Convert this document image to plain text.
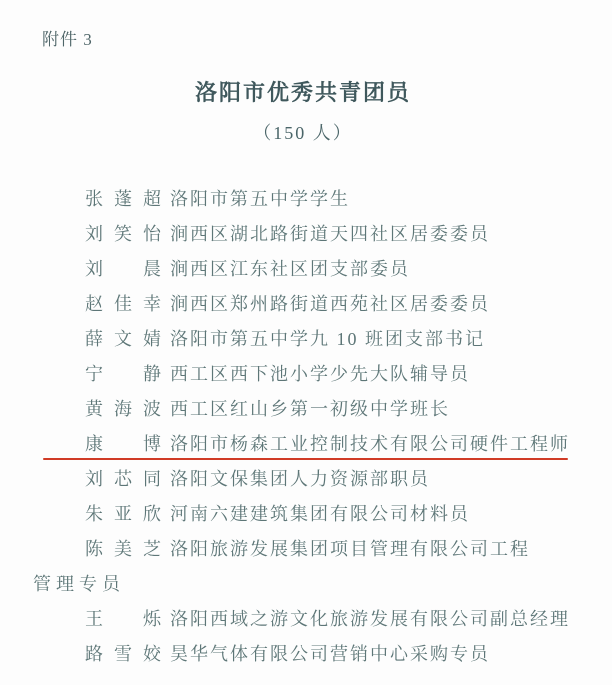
附件 3
洛阳市优秀共青团员
（150 人）
张 蓬 超 洛阳市第五中学学生
刘 笑 怡 涧西区湖北路街道天四社区居委委员
刘 晨 涧西区江东社区团支部委员
赵 佳 幸 涧西区郑州路街道西苑社区居委委员
薛 文 婧 洛阳市第五中学九 10 班团支部书记
宁 静 西工区西下池小学少先大队辅导员
黄 海 波 西工区红山乡第一初级中学班长
康 博 洛阳市杨森工业控制技术有限公司硬件工程师
刘 芯 同 洛阳文保集团人力资源部职员
朱 亚 欣 河南六建建筑集团有限公司材料员
陈 美 芝 洛阳旅游发展集团项目管理有限公司工程
管理专员
王 烁 洛阳西域之游文化旅游发展有限公司副总经理
路 雪 姣 昊华气体有限公司营销中心采购专员
